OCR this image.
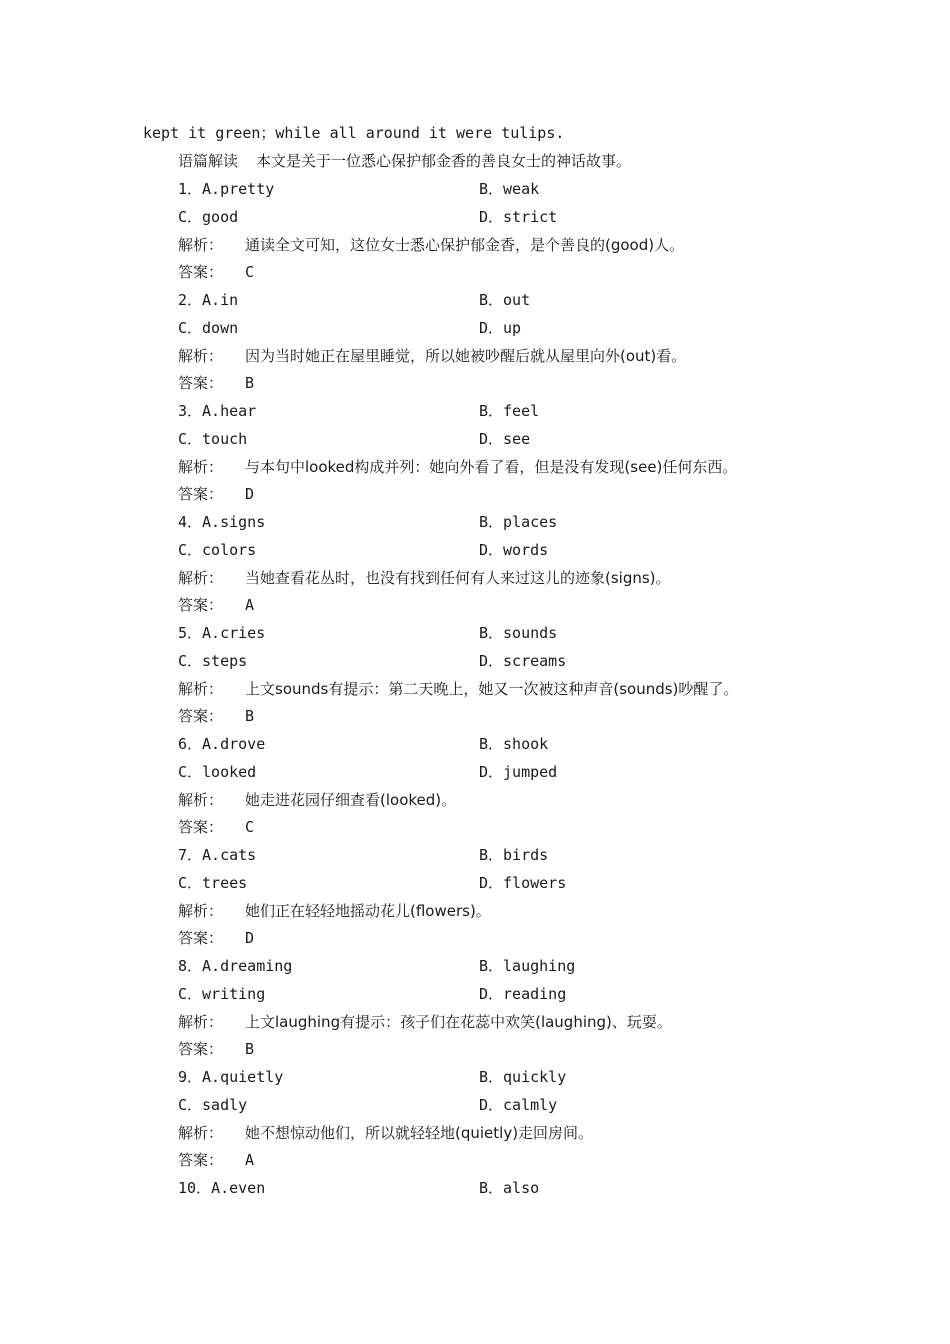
kept it green；while all around it were tulips.
语篇解读 本文是关于一位悉心保护郁金香的善良女士的神话故事。
1．A.pretty	B．weak
C．good	D．strict
解析： 通读全文可知，这位女士悉心保护郁金香，是个善良的(good)人。
答案： C
2．A.in	B．out
C．down	D．up
解析： 因为当时她正在屋里睡觉，所以她被吵醒后就从屋里向外(out)看。
答案： B
3．A.hear	B．feel
C．touch	D．see
解析： 与本句中looked构成并列：她向外看了看，但是没有发现(see)任何东西。
答案： D
4．A.signs	B．places
C．colors	D．words
解析： 当她查看花丛时，也没有找到任何有人来过这儿的迹象(signs)。
答案： A
5．A.cries	B．sounds
C．steps	D．screams
解析： 上文sounds有提示：第二天晚上，她又一次被这种声音(sounds)吵醒了。
答案： B
6．A.drove	B．shook
C．looked	D．jumped
解析： 她走进花园仔细查看(looked)。
答案： C
7．A.cats	B．birds
C．trees	D．flowers
解析： 她们正在轻轻地摇动花儿(flowers)。
答案： D
8．A.dreaming	B．laughing
C．writing	D．reading
解析： 上文laughing有提示：孩子们在花蕊中欢笑(laughing)、玩耍。
答案： B
9．A.quietly	B．quickly
C．sadly	D．calmly
解析： 她不想惊动他们，所以就轻轻地(quietly)走回房间。
答案： A
10．A.even	B．also
